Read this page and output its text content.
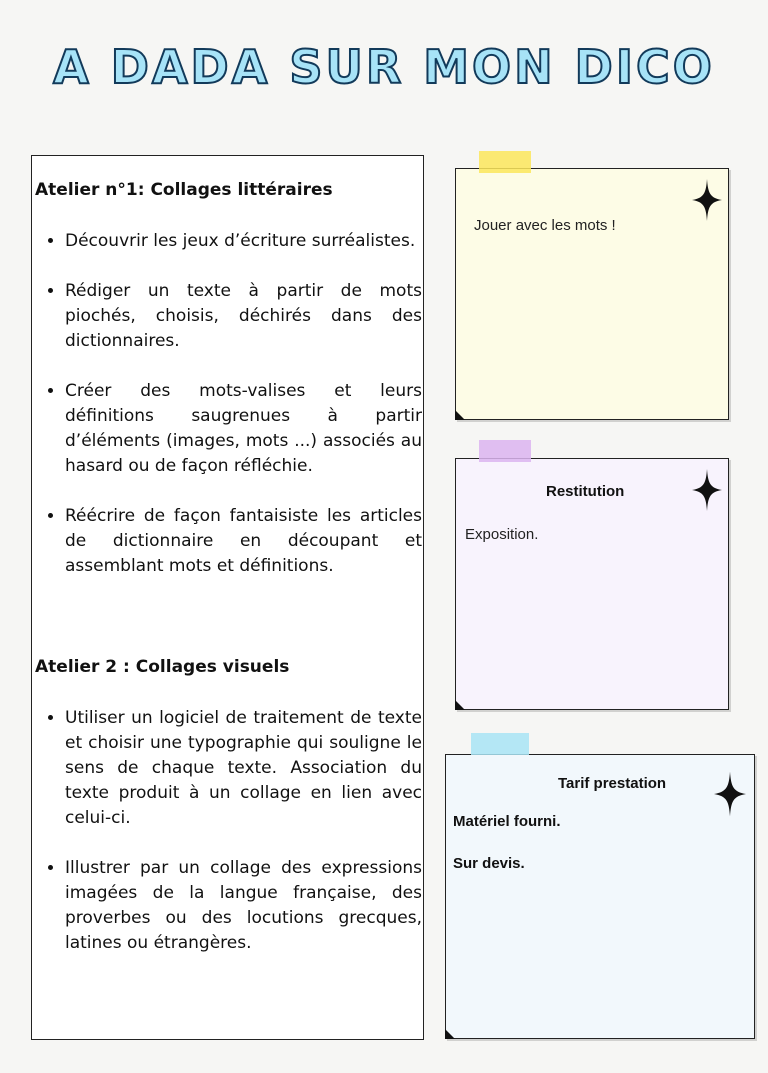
A DADA SUR MON DICO
Atelier n°1: Collages littéraires
• Découvrir les jeux d’écriture surréalistes.
• Rédiger un texte à partir de mots piochés, choisis, déchirés dans des dictionnaires.
• Créer des mots-valises et leurs définitions saugrenues à partir d’éléments (images, mots ...) associés au hasard ou de façon réfléchie.
• Réécrire de façon fantaisiste les articles de dictionnaire en découpant et assemblant mots et définitions.
Atelier 2 : Collages visuels
• Utiliser un logiciel de traitement de texte et choisir une typographie qui souligne le sens de chaque texte. Association du texte produit à un collage en lien avec celui-ci.
• Illustrer par un collage des expressions imagées de la langue française, des proverbes ou des locutions grecques, latines ou étrangères.
Jouer avec les mots !
Restitution
Exposition.
Tarif prestation
Matériel fourni.
Sur devis.
